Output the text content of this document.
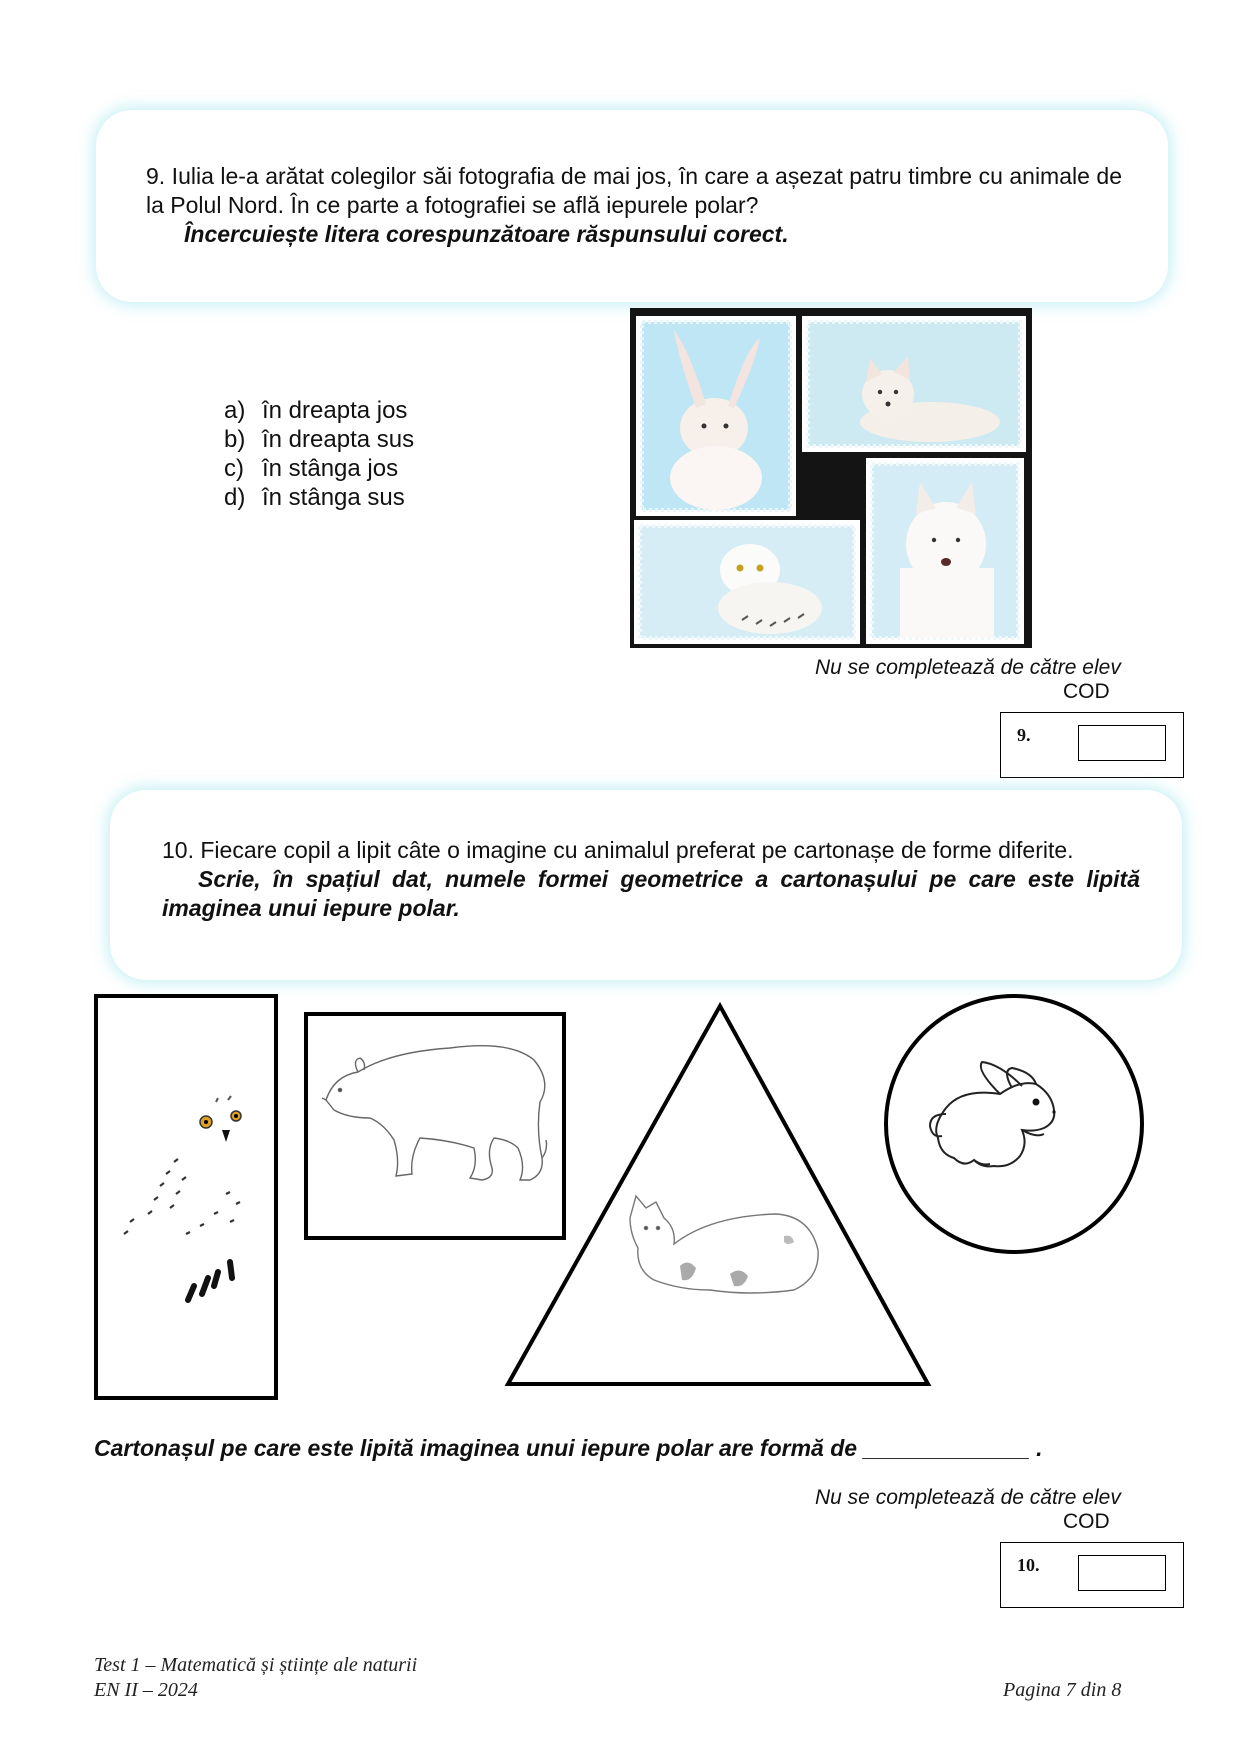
9. Iulia le-a arătat colegilor săi fotografia de mai jos, în care a așezat patru timbre cu animale de la Polul Nord. În ce parte a fotografiei se află iepurele polar?
Încercuiește litera corespunzătoare răspunsului corect.
a) în dreapta jos
b) în dreapta sus
c) în stânga jos
d) în stânga sus
Nu se completează de către elev
COD
9.
10. Fiecare copil a lipit câte o imagine cu animalul preferat pe cartonașe de forme diferite.
Scrie, în spațiul dat, numele formei geometrice a cartonașului pe care este lipită imaginea unui iepure polar.
Cartonașul pe care este lipită imaginea unui iepure polar are formă de _____________ .
Nu se completează de către elev
COD
10.
Test 1 – Matematică și științe ale naturii
EN II – 2024	Pagina 7 din 8
